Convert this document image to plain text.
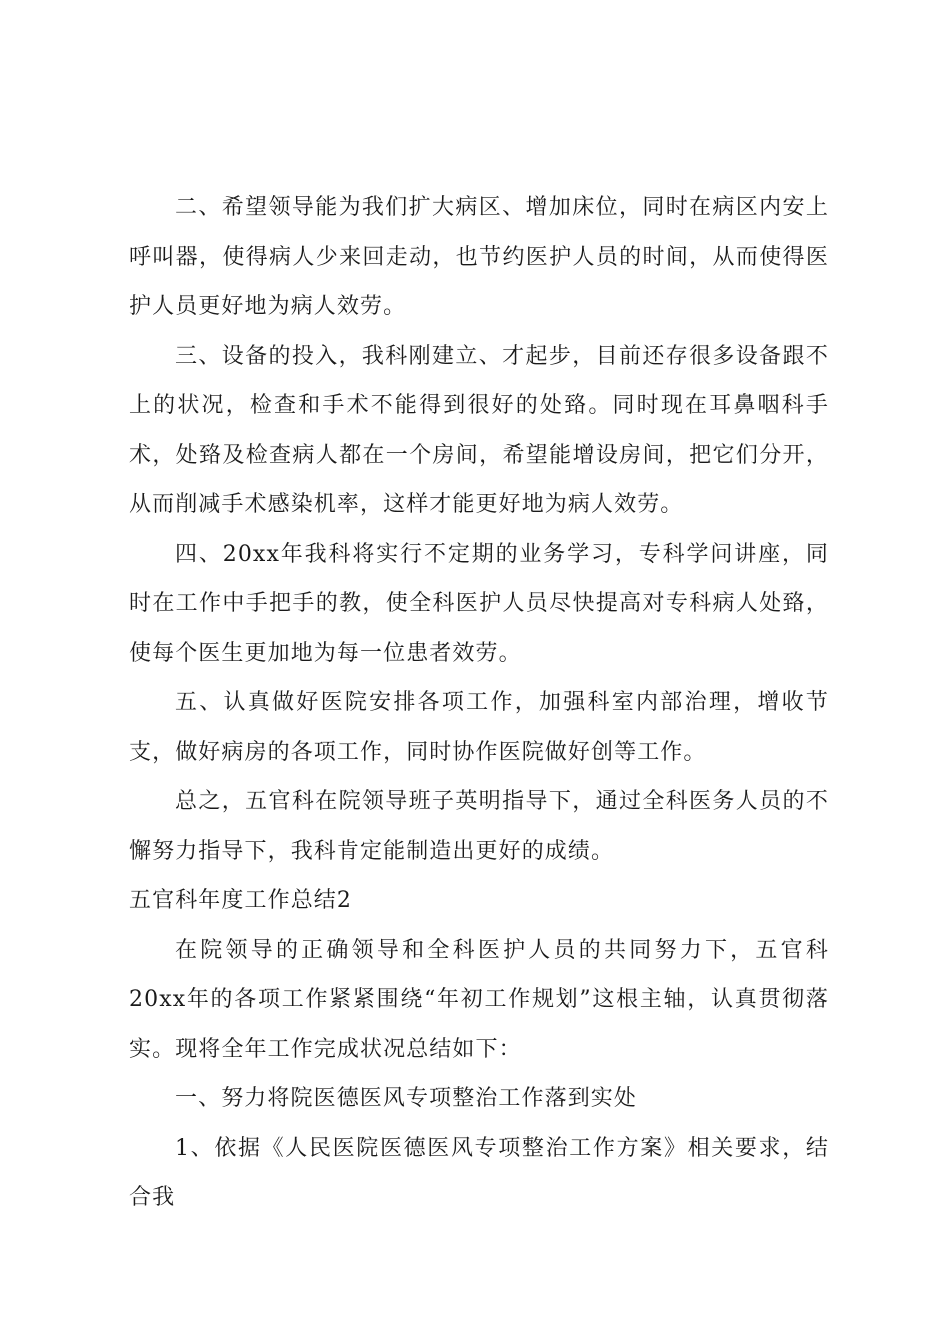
二、希望领导能为我们扩大病区、增加床位，同时在病区内安上呼叫器，使得病人少来回走动，也节约医护人员的时间，从而使得医护人员更好地为病人效劳。

三、设备的投入，我科刚建立、才起步，目前还存很多设备跟不上的状况，检查和手术不能得到很好的处臵。同时现在耳鼻咽科手术，处臵及检查病人都在一个房间，希望能增设房间，把它们分开，从而削减手术感染机率，这样才能更好地为病人效劳。

四、20xx年我科将实行不定期的业务学习，专科学问讲座，同时在工作中手把手的教，使全科医护人员尽快提高对专科病人处臵，使每个医生更加地为每一位患者效劳。

五、认真做好医院安排各项工作，加强科室内部治理，增收节支，做好病房的各项工作，同时协作医院做好创等工作。

总之，五官科在院领导班子英明指导下，通过全科医务人员的不懈努力指导下，我科肯定能制造出更好的成绩。

五官科年度工作总结2

在院领导的正确领导和全科医护人员的共同努力下，五官科20xx年的各项工作紧紧围绕“年初工作规划”这根主轴，认真贯彻落实。现将全年工作完成状况总结如下：

一、努力将院医德医风专项整治工作落到实处

1、依据《人民医院医德医风专项整治工作方案》相关要求，结合我
